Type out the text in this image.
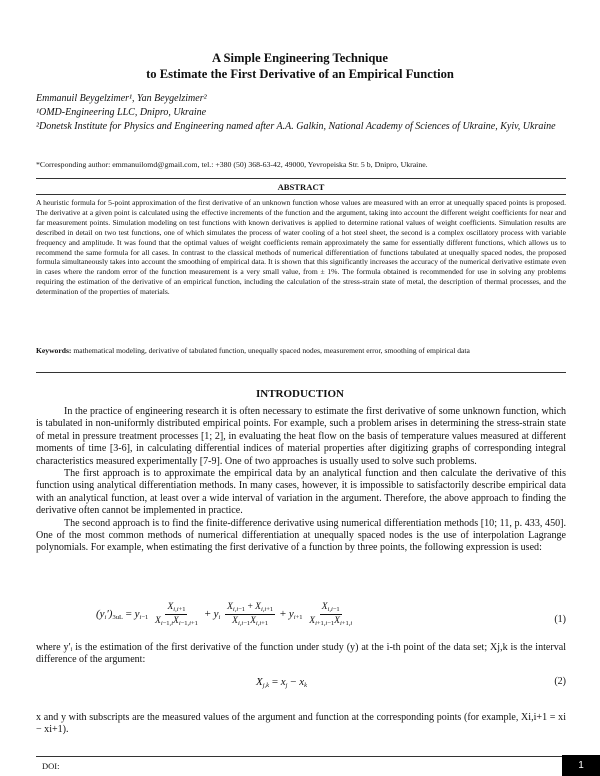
A Simple Engineering Technique
to Estimate the First Derivative of an Empirical Function
Emmanuil Beygelzimer¹, Yan Beygelzimer²
¹OMD-Engineering LLC, Dnipro, Ukraine
²Donetsk Institute for Physics and Engineering named after A.A. Galkin, National Academy of Sciences of Ukraine, Kyiv, Ukraine
*Corresponding author: emmanuilomd@gmail.com, tel.: +380 (50) 368-63-42, 49000, Yevropeiska Str. 5 b, Dnipro, Ukraine.
ABSTRACT
A heuristic formula for 5-point approximation of the first derivative of an unknown function whose values are measured with an error at unequally spaced points is proposed. The derivative at a given point is calculated using the effective increments of the function and the argument, taking into account the different weight coefficients for near and far measurement points. Simulation modeling on test functions with known derivatives is applied to determine rational values of weight coefficients. Simulation results are described in detail on two test functions, one of which simulates the process of water cooling of a hot steel sheet, the second is a complex oscillatory process with variable frequency and amplitude. It was found that the optimal values of weight coefficients remain approximately the same for essentially different functions, which allows us to recommend the same formula for all cases. In contrast to the classical methods of numerical differentiation of functions tabulated at unequally spaced nodes, the proposed formula simultaneously takes into account the smoothing of empirical data. It is shown that this significantly increases the accuracy of the numerical derivative estimate even in cases where the random error of the function measurement is a very small value, from ± 1%. The formula obtained is recommended for use in solving any problems requiring the estimation of the derivative of an empirical function, including the calculation of the stress-strain state of metal, the description of thermal processes, and the determination of the properties of materials.
Keywords: mathematical modeling, derivative of tabulated function, unequally spaced nodes, measurement error, smoothing of empirical data
INTRODUCTION

In the practice of engineering research it is often necessary to estimate the first derivative of some unknown function, which is tabulated in non-uniformly distributed empirical points. For example, such a problem arises in determining the stress-strain state of metal in pressure treatment processes [1; 2], in evaluating the heat flow on the basis of temperature values measured at different moments of time [3-6], in calculating differential indices of material properties after digitizing graphs of corresponding integral characteristics measured experimentally [7-9]. One of two approaches is usually used to solve such problems.

The first approach is to approximate the empirical data by an analytical function and then calculate the derivative of this function using analytical differentiation methods. In many cases, however, it is impossible to satisfactorily describe empirical data with an analytical function, at least over a wide interval of variation in the argument. Therefore, the above approach to finding the derivative often cannot be implemented in practice.

The second approach is to find the finite-difference derivative using numerical differentiation methods [10; 11, p. 433, 450]. One of the most common methods of numerical differentiation at unequally spaced nodes is the use of interpolation Lagrange polynomials. For example, when estimating the first derivative of a function by three points, the following expression is used:

$(y_i')_{3uL} = y_{i-1} \frac{X_{i,i+1}}{X_{i-1,i}X_{i-1,i+1}} + y_i \frac{X_{i,i-1} + X_{i,i+1}}{X_{i,i-1}X_{i,i+1}} + y_{i+1} \frac{X_{i,i-1}}{X_{i+1,i-1}X_{i+1,i}}$	(1)
where y′ᵢ is the estimation of the first derivative of the function under study (y) at the i-th point of the data set; Xj,k is the interval difference of the argument:
$X_{j,k} = x_j - x_k$	(2)
x and y with subscripts are the measured values of the argument and function at the corresponding points (for example, Xi,i+1 = xi − xi+1).
DOI:	1
